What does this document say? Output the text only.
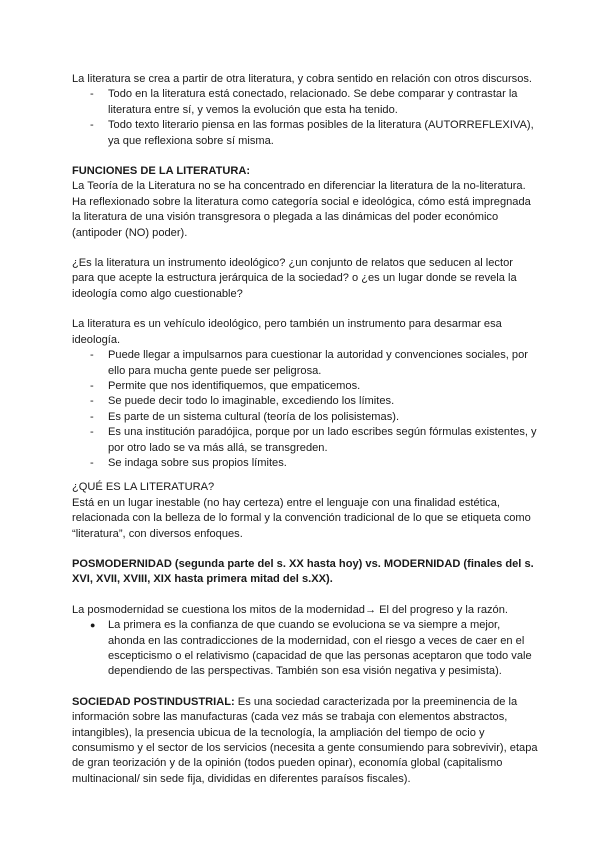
La literatura se crea a partir de otra literatura, y cobra sentido en relación con otros discursos.

- Todo en la literatura está conectado, relacionado. Se debe comparar y contrastar la literatura entre sí, y vemos la evolución que esta ha tenido.
- Todo texto literario piensa en las formas posibles de la literatura (AUTORREFLEXIVA), ya que reflexiona sobre sí misma.

FUNCIONES DE LA LITERATURA:

La Teoría de la Literatura no se ha concentrado en diferenciar la literatura de la no-literatura. Ha reflexionado sobre la literatura como categoría social e ideológica, cómo está impregnada la literatura de una visión transgresora o plegada a las dinámicas del poder económico (antipoder (NO) poder).

¿Es la literatura un instrumento ideológico? ¿un conjunto de relatos que seducen al lector para que acepte la estructura jerárquica de la sociedad? o ¿es un lugar donde se revela la ideología como algo cuestionable?

La literatura es un vehículo ideológico, pero también un instrumento para desarmar esa ideología.

- Puede llegar a impulsarnos para cuestionar la autoridad y convenciones sociales, por ello para mucha gente puede ser peligrosa.
- Permite que nos identifiquemos, que empaticemos.
- Se puede decir todo lo imaginable, excediendo los límites.
- Es parte de un sistema cultural (teoría de los polisistemas).
- Es una institución paradójica, porque por un lado escribes según fórmulas existentes, y por otro lado se va más allá, se transgreden.
- Se indaga sobre sus propios límites.

¿QUÉ ES LA LITERATURA?

Está en un lugar inestable (no hay certeza) entre el lenguaje con una finalidad estética, relacionada con la belleza de lo formal y la convención tradicional de lo que se etiqueta como “literatura”, con diversos enfoques.

POSMODERNIDAD (segunda parte del s. XX hasta hoy) vs. MODERNIDAD (finales del s. XVI, XVII, XVIII, XIX hasta primera mitad del s.XX).

La posmodernidad se cuestiona los mitos de la modernidad→ El del progreso y la razón.

● La primera es la confianza de que cuando se evoluciona se va siempre a mejor, ahonda en las contradicciones de la modernidad, con el riesgo a veces de caer en el escepticismo o el relativismo (capacidad de que las personas aceptaron que todo vale dependiendo de las perspectivas. También son esa visión negativa y pesimista).

SOCIEDAD POSTINDUSTRIAL: Es una sociedad caracterizada por la preeminencia de la información sobre las manufacturas (cada vez más se trabaja con elementos abstractos, intangibles), la presencia ubicua de la tecnología, la ampliación del tiempo de ocio y consumismo y el sector de los servicios (necesita a gente consumiendo para sobrevivir), etapa de gran teorización y de la opinión (todos pueden opinar), economía global (capitalismo multinacional/ sin sede fija, divididas en diferentes paraísos fiscales).
